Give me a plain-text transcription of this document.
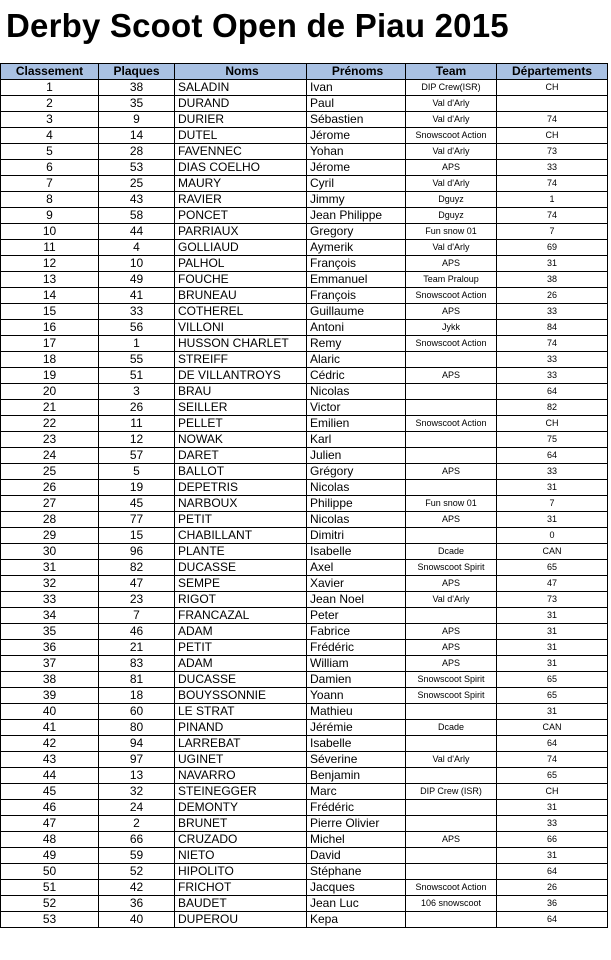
Derby Scoot Open de Piau 2015
Classement	Plaques	Noms	Prénoms	Team	Départements
1	38	SALADIN	Ivan	DIP Crew(ISR)	CH
2	35	DURAND	Paul	Val d'Arly	
3	9	DURIER	Sébastien	Val d'Arly	74
4	14	DUTEL	Jérome	Snowscoot Action	CH
5	28	FAVENNEC	Yohan	Val d'Arly	73
6	53	DIAS COELHO	Jérome	APS	33
7	25	MAURY	Cyril	Val d'Arly	74
8	43	RAVIER	Jimmy	Dguyz	1
9	58	PONCET	Jean Philippe	Dguyz	74
10	44	PARRIAUX	Gregory	Fun snow 01	7
11	4	GOLLIAUD	Aymerik	Val d'Arly	69
12	10	PALHOL	François	APS	31
13	49	FOUCHE	Emmanuel	Team Praloup	38
14	41	BRUNEAU	François	Snowscoot Action	26
15	33	COTHEREL	Guillaume	APS	33
16	56	VILLONI	Antoni	Jykk	84
17	1	HUSSON CHARLET	Remy	Snowscoot Action	74
18	55	STREIFF	Alaric		33
19	51	DE VILLANTROYS	Cédric	APS	33
20	3	BRAU	Nicolas		64
21	26	SEILLER	Victor		82
22	11	PELLET	Emilien	Snowscoot Action	CH
23	12	NOWAK	Karl		75
24	57	DARET	Julien		64
25	5	BALLOT	Grégory	APS	33
26	19	DEPETRIS	Nicolas		31
27	45	NARBOUX	Philippe	Fun snow 01	7
28	77	PETIT	Nicolas	APS	31
29	15	CHABILLANT	Dimitri		0
30	96	PLANTE	Isabelle	Dcade	CAN
31	82	DUCASSE	Axel	Snowscoot Spirit	65
32	47	SEMPE	Xavier	APS	47
33	23	RIGOT	Jean Noel	Val d'Arly	73
34	7	FRANCAZAL	Peter		31
35	46	ADAM	Fabrice	APS	31
36	21	PETIT	Frédéric	APS	31
37	83	ADAM	William	APS	31
38	81	DUCASSE	Damien	Snowscoot Spirit	65
39	18	BOUYSSONNIE	Yoann	Snowscoot Spirit	65
40	60	LE STRAT	Mathieu		31
41	80	PINAND	Jérémie	Dcade	CAN
42	94	LARREBAT	Isabelle		64
43	97	UGINET	Séverine	Val d'Arly	74
44	13	NAVARRO	Benjamin		65
45	32	STEINEGGER	Marc	DIP Crew (ISR)	CH
46	24	DEMONTY	Frédéric		31
47	2	BRUNET	Pierre Olivier		33
48	66	CRUZADO	Michel	APS	66
49	59	NIETO	David		31
50	52	HIPOLITO	Stéphane		64
51	42	FRICHOT	Jacques	Snowscoot Action	26
52	36	BAUDET	Jean Luc	106 snowscoot	36
53	40	DUPEROU	Kepa		64
